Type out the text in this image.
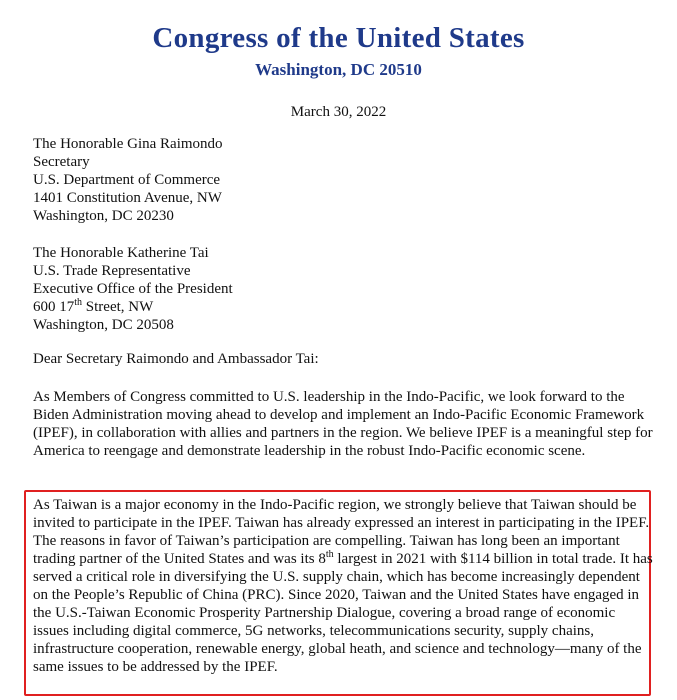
Congress of the United States
Washington, DC 20510
March 30, 2022
The Honorable Gina Raimondo
Secretary
U.S. Department of Commerce
1401 Constitution Avenue, NW
Washington, DC 20230
The Honorable Katherine Tai
U.S. Trade Representative
Executive Office of the President
600 17th Street, NW
Washington, DC 20508
Dear Secretary Raimondo and Ambassador Tai:
As Members of Congress committed to U.S. leadership in the Indo-Pacific, we look forward to the Biden Administration moving ahead to develop and implement an Indo-Pacific Economic Framework (IPEF), in collaboration with allies and partners in the region. We believe IPEF is a meaningful step for America to reengage and demonstrate leadership in the robust Indo-Pacific economic scene.
As Taiwan is a major economy in the Indo-Pacific region, we strongly believe that Taiwan should be invited to participate in the IPEF. Taiwan has already expressed an interest in participating in the IPEF. The reasons in favor of Taiwan’s participation are compelling. Taiwan has long been an important trading partner of the United States and was its 8th largest in 2021 with $114 billion in total trade. It has served a critical role in diversifying the U.S. supply chain, which has become increasingly dependent on the People’s Republic of China (PRC). Since 2020, Taiwan and the United States have engaged in the U.S.-Taiwan Economic Prosperity Partnership Dialogue, covering a broad range of economic issues including digital commerce, 5G networks, telecommunications security, supply chains, infrastructure cooperation, renewable energy, global heath, and science and technology—many of the same issues to be addressed by the IPEF.
